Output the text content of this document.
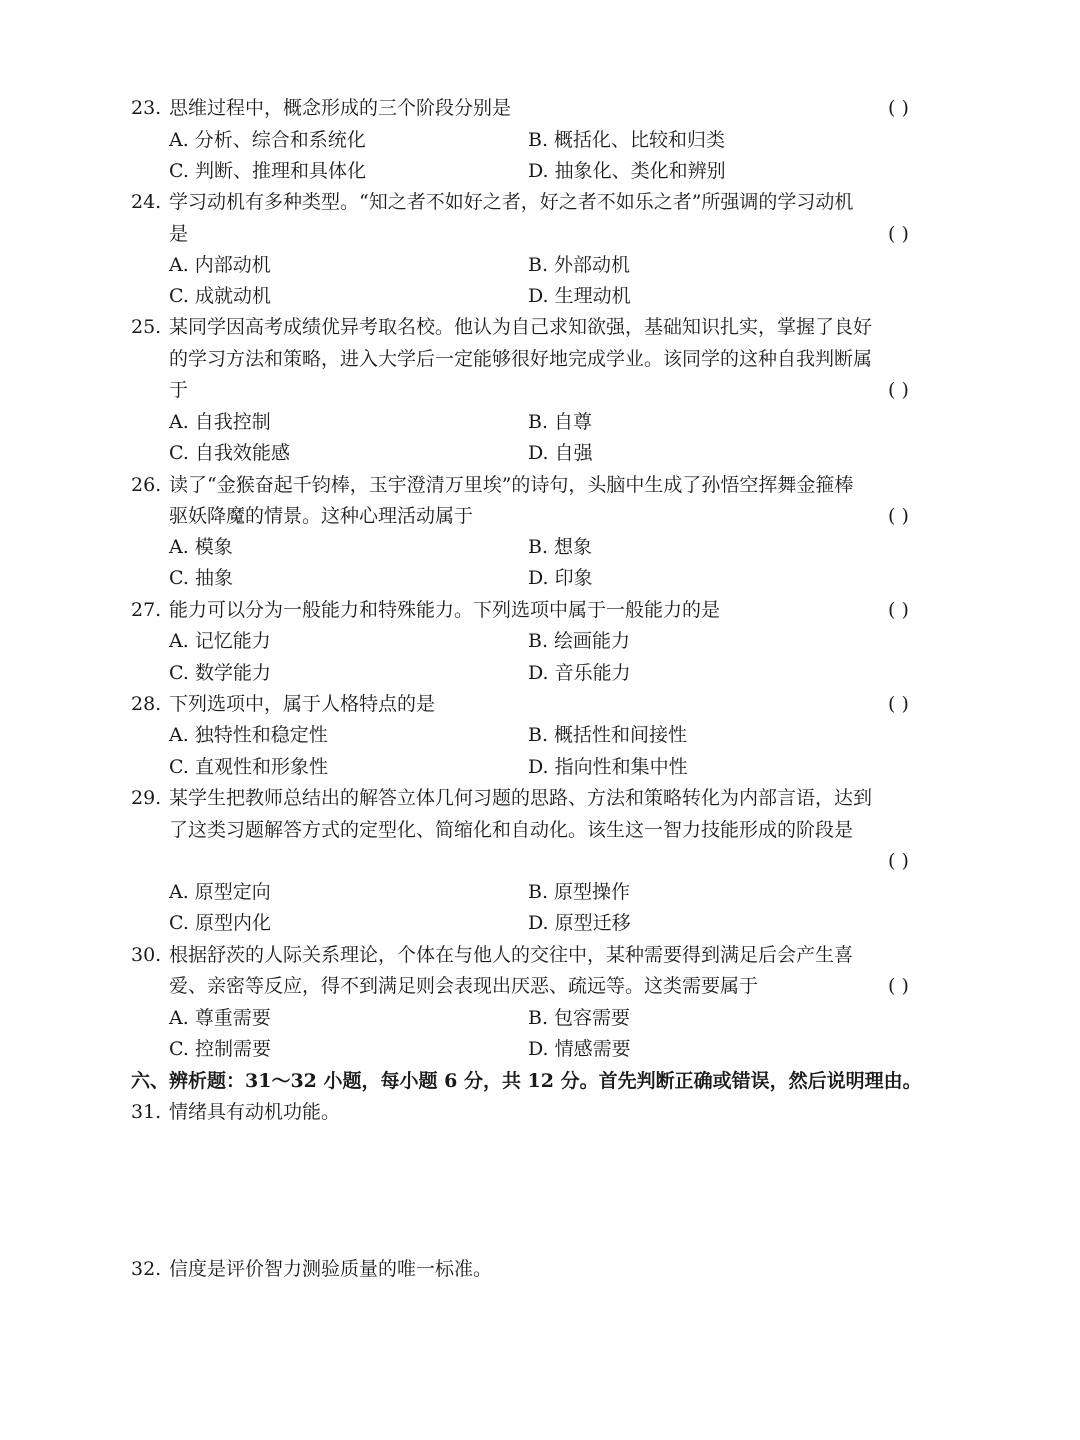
23. 思维过程中，概念形成的三个阶段分别是	( )
A. 分析、综合和系统化	B. 概括化、比较和归类
C. 判断、推理和具体化	D. 抽象化、类化和辨别
24. 学习动机有多种类型。“知之者不如好之者，好之者不如乐之者”所强调的学习动机
是	( )
A. 内部动机	B. 外部动机
C. 成就动机	D. 生理动机
25. 某同学因高考成绩优异考取名校。他认为自己求知欲强，基础知识扎实，掌握了良好
的学习方法和策略，进入大学后一定能够很好地完成学业。该同学的这种自我判断属
于	( )
A. 自我控制	B. 自尊
C. 自我效能感	D. 自强
26. 读了“金猴奋起千钧棒，玉宇澄清万里埃”的诗句，头脑中生成了孙悟空挥舞金箍棒
驱妖降魔的情景。这种心理活动属于	( )
A. 模象	B. 想象
C. 抽象	D. 印象
27. 能力可以分为一般能力和特殊能力。下列选项中属于一般能力的是	( )
A. 记忆能力	B. 绘画能力
C. 数学能力	D. 音乐能力
28. 下列选项中，属于人格特点的是	( )
A. 独特性和稳定性	B. 概括性和间接性
C. 直观性和形象性	D. 指向性和集中性
29. 某学生把教师总结出的解答立体几何习题的思路、方法和策略转化为内部言语，达到
了这类习题解答方式的定型化、简缩化和自动化。该生这一智力技能形成的阶段是
( )
A. 原型定向	B. 原型操作
C. 原型内化	D. 原型迁移
30. 根据舒茨的人际关系理论，个体在与他人的交往中，某种需要得到满足后会产生喜
爱、亲密等反应，得不到满足则会表现出厌恶、疏远等。这类需要属于	( )
A. 尊重需要	B. 包容需要
C. 控制需要	D. 情感需要
六、辨析题：31～32 小题，每小题 6 分，共 12 分。首先判断正确或错误，然后说明理由。
31. 情绪具有动机功能。
32. 信度是评价智力测验质量的唯一标准。
